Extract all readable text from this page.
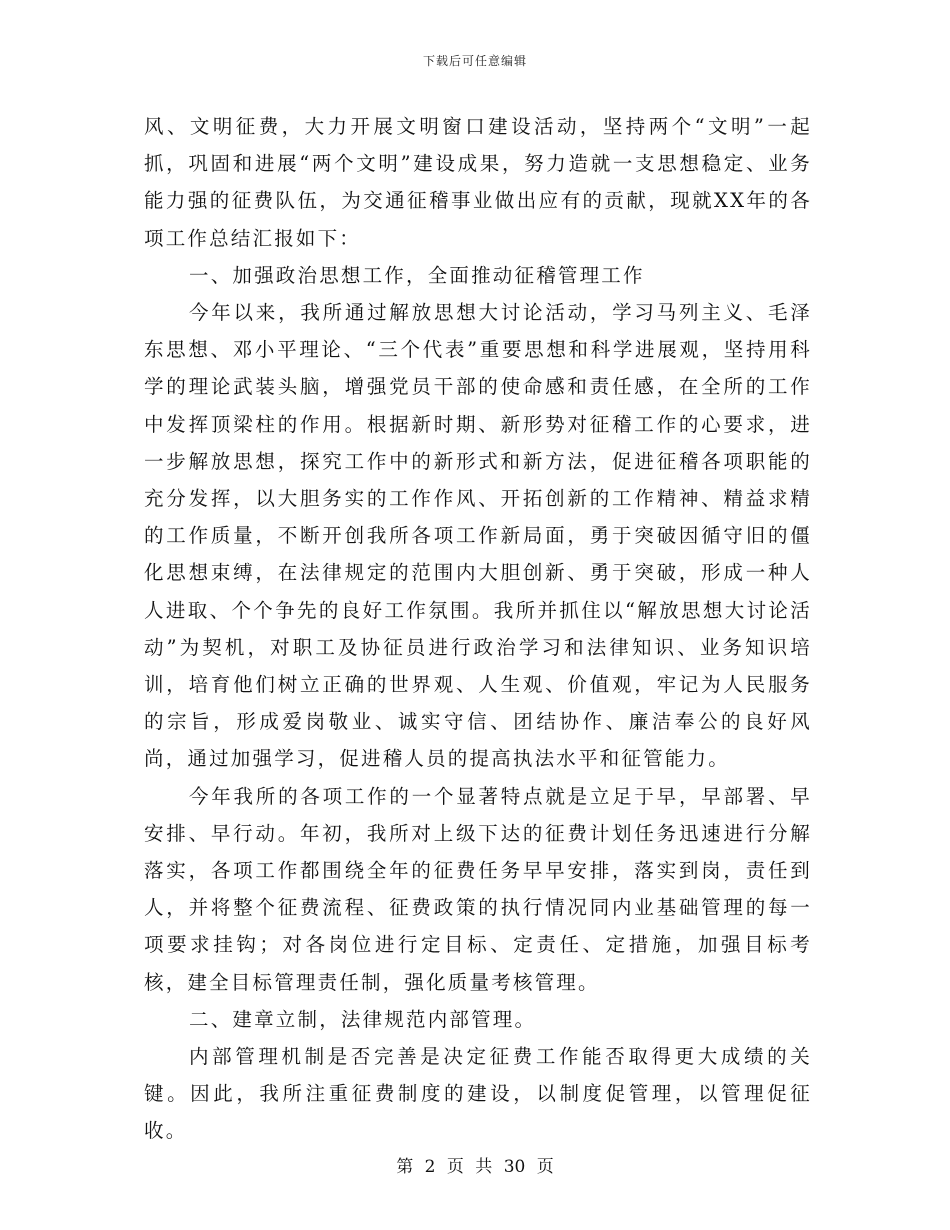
下载后可任意编辑

风、文明征费，大力开展文明窗口建设活动，坚持两个“文明”一起抓，巩固和进展“两个文明”建设成果，努力造就一支思想稳定、业务能力强的征费队伍，为交通征稽事业做出应有的贡献，现就XX年的各项工作总结汇报如下：

一、加强政治思想工作，全面推动征稽管理工作

今年以来，我所通过解放思想大讨论活动，学习马列主义、毛泽东思想、邓小平理论、“三个代表”重要思想和科学进展观，坚持用科学的理论武装头脑，增强党员干部的使命感和责任感，在全所的工作中发挥顶梁柱的作用。根据新时期、新形势对征稽工作的心要求，进一步解放思想，探究工作中的新形式和新方法，促进征稽各项职能的充分发挥，以大胆务实的工作作风、开拓创新的工作精神、精益求精的工作质量，不断开创我所各项工作新局面，勇于突破因循守旧的僵化思想束缚，在法律规定的范围内大胆创新、勇于突破，形成一种人人进取、个个争先的良好工作氛围。我所并抓住以“解放思想大讨论活动”为契机，对职工及协征员进行政治学习和法律知识、业务知识培训，培育他们树立正确的世界观、人生观、价值观，牢记为人民服务的宗旨，形成爱岗敬业、诚实守信、团结协作、廉洁奉公的良好风尚，通过加强学习，促进稽人员的提高执法水平和征管能力。

今年我所的各项工作的一个显著特点就是立足于早，早部署、早安排、早行动。年初，我所对上级下达的征费计划任务迅速进行分解落实，各项工作都围绕全年的征费任务早早安排，落实到岗，责任到人，并将整个征费流程、征费政策的执行情况同内业基础管理的每一项要求挂钩；对各岗位进行定目标、定责任、定措施，加强目标考核，建全目标管理责任制，强化质量考核管理。

二、建章立制，法律规范内部管理。

内部管理机制是否完善是决定征费工作能否取得更大成绩的关键。因此，我所注重征费制度的建设，以制度促管理，以管理促征收。

第 2 页 共 30 页
